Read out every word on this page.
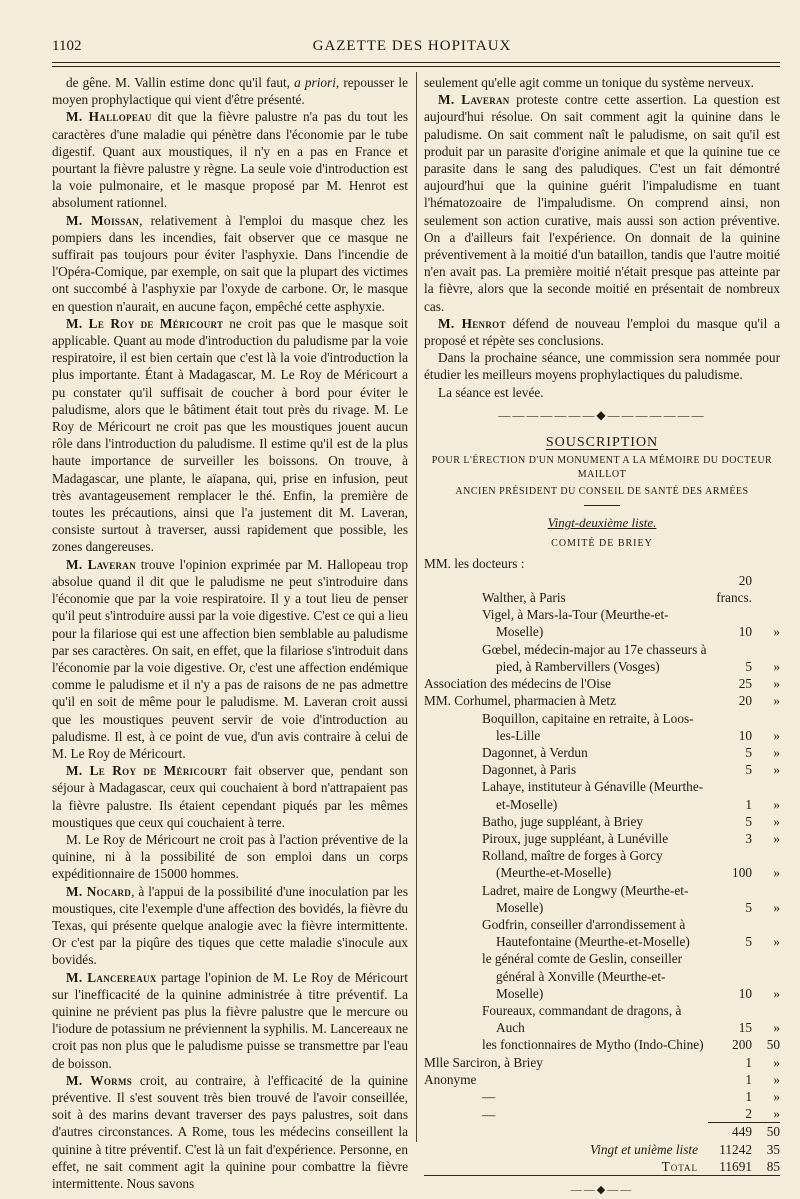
1102	GAZETTE DES HOPITAUX

de gêne. M. Vallin estime donc qu'il faut, a priori, repousser le moyen prophylactique qui vient d'être présenté.

M. Hallopeau dit que la fièvre palustre n'a pas du tout les caractères d'une maladie qui pénètre dans l'économie par le tube digestif. Quant aux moustiques, il n'y en a pas en France et pourtant la fièvre palustre y règne. La seule voie d'introduction est la voie pulmonaire, et le masque proposé par M. Henrot est absolument rationnel.

M. Moissan, relativement à l'emploi du masque chez les pompiers dans les incendies, fait observer que ce masque ne suffirait pas toujours pour éviter l'asphyxie. Dans l'incendie de l'Opéra-Comique, par exemple, on sait que la plupart des victimes ont succombé à l'asphyxie par l'oxyde de carbone. Or, le masque en question n'aurait, en aucune façon, empêché cette asphyxie.

M. Le Roy de Méricourt ne croit pas que le masque soit applicable. Quant au mode d'introduction du paludisme par la voie respiratoire, il est bien certain que c'est là la voie d'introduction la plus importante. Étant à Madagascar, M. Le Roy de Méricourt a pu constater qu'il suffisait de coucher à bord pour éviter le paludisme, alors que le bâtiment était tout près du rivage. M. Le Roy de Méricourt ne croit pas que les moustiques jouent aucun rôle dans l'introduction du paludisme. Il estime qu'il est de la plus haute importance de surveiller les boissons. On trouve, à Madagascar, une plante, le aïapana, qui, prise en infusion, peut très avantageusement remplacer le thé. Enfin, la première de toutes les précautions, ainsi que l'a justement dit M. Laveran, consiste surtout à traverser, aussi rapidement que possible, les zones dangereuses.

M. Laveran trouve l'opinion exprimée par M. Hallopeau trop absolue quand il dit que le paludisme ne peut s'introduire dans l'économie que par la voie respiratoire. Il y a tout lieu de penser qu'il peut s'introduire aussi par la voie digestive. C'est ce qui a lieu pour la filariose qui est une affection bien semblable au paludisme par ses caractères. On sait, en effet, que la filariose s'introduit dans l'économie par la voie digestive. Or, c'est une affection endémique comme le paludisme et il n'y a pas de raisons de ne pas admettre qu'il en soit de même pour le paludisme. M. Laveran croit aussi que les moustiques peuvent servir de voie d'introduction au paludisme. Il est, à ce point de vue, d'un avis contraire à celui de M. Le Roy de Méricourt.

M. Le Roy de Méricourt fait observer que, pendant son séjour à Madagascar, ceux qui couchaient à bord n'attrapaient pas la fièvre palustre. Ils étaient cependant piqués par les mêmes moustiques que ceux qui couchaient à terre.

M. Le Roy de Méricourt ne croit pas à l'action préventive de la quinine, ni à la possibilité de son emploi dans un corps expéditionnaire de 15000 hommes.

M. Nocard, à l'appui de la possibilité d'une inoculation par les moustiques, cite l'exemple d'une affection des bovidés, la fièvre du Texas, qui présente quelque analogie avec la fièvre intermittente. Or c'est par la piqûre des tiques que cette maladie s'inocule aux bovidés.

M. Lancereaux partage l'opinion de M. Le Roy de Méricourt sur l'inefficacité de la quinine administrée à titre préventif. La quinine ne prévient pas plus la fièvre palustre que le mercure ou l'iodure de potassium ne préviennent la syphilis. M. Lancereaux ne croit pas non plus que le paludisme puisse se transmettre par l'eau de boisson.

M. Worms croit, au contraire, à l'efficacité de la quinine préventive. Il s'est souvent très bien trouvé de l'avoir conseillée, soit à des marins devant traverser des pays palustres, soit dans d'autres circonstances. A Rome, tous les médecins conseillent la quinine à titre préventif. C'est là un fait d'expérience. Personne, en effet, ne sait comment agit la quinine pour combattre la fièvre intermittente. Nous savons

seulement qu'elle agit comme un tonique du système nerveux.

M. Laveran proteste contre cette assertion. La question est aujourd'hui résolue. On sait comment agit la quinine dans le paludisme. On sait comment naît le paludisme, on sait qu'il est produit par un parasite d'origine animale et que la quinine tue ce parasite dans le sang des paludiques. C'est un fait démontré aujourd'hui que la quinine guérit l'impaludisme en tuant l'hématozoaire de l'impaludisme. On comprend ainsi, non seulement son action curative, mais aussi son action préventive. On a d'ailleurs fait l'expérience. On donnait de la quinine préventivement à la moitié d'un bataillon, tandis que l'autre moitié n'en avait pas. La première moitié n'était presque pas atteinte par la fièvre, alors que la seconde moitié en présentait de nombreux cas.

M. Henrot défend de nouveau l'emploi du masque qu'il a proposé et répète ses conclusions.

Dans la prochaine séance, une commission sera nommée pour étudier les meilleurs moyens prophylactiques du paludisme.

La séance est levée.

———————◆———————
SOUSCRIPTION
POUR L'ÉRECTION D'UN MONUMENT A LA MÉMOIRE DU DOCTEUR MAILLOT
ANCIEN PRÉSIDENT DU CONSEIL DE SANTÉ DES ARMÉES
Vingt-deuxième liste.
COMITÉ DE BRIEY
MM. les docteurs :
Walther, à Paris	20 francs.	
Vigel, à Mars-la-Tour (Meurthe-et-Moselle)	10	»
Gœbel, médecin-major au 17e chasseurs à pied, à Rambervillers (Vosges)	5	»
Association des médecins de l'Oise	25	»
MM. Corhumel, pharmacien à Metz	20	»
Boquillon, capitaine en retraite, à Loos-les-Lille	10	»
Dagonnet, à Verdun	5	»
Dagonnet, à Paris	5	»
Lahaye, instituteur à Génaville (Meurthe-et-Moselle)	1	»
Batho, juge suppléant, à Briey	5	»
Piroux, juge suppléant, à Lunéville	3	»
Rolland, maître de forges à Gorcy (Meurthe-et-Moselle)	100	»
Ladret, maire de Longwy (Meurthe-et-Moselle)	5	»
Godfrin, conseiller d'arrondissement à Hautefontaine (Meurthe-et-Moselle)	5	»
le général comte de Geslin, conseiller général à Xonville (Meurthe-et-Moselle)	10	»
Foureaux, commandant de dragons, à Auch	15	»
les fonctionnaires de Mytho (Indo-Chine)	200	50
Mlle Sarciron, à Briey	1	»
Anonyme	1	»
—	1	»
—	2	»
	449	50
Vingt et unième liste	11242	35
Total	11691	85
——◆——
